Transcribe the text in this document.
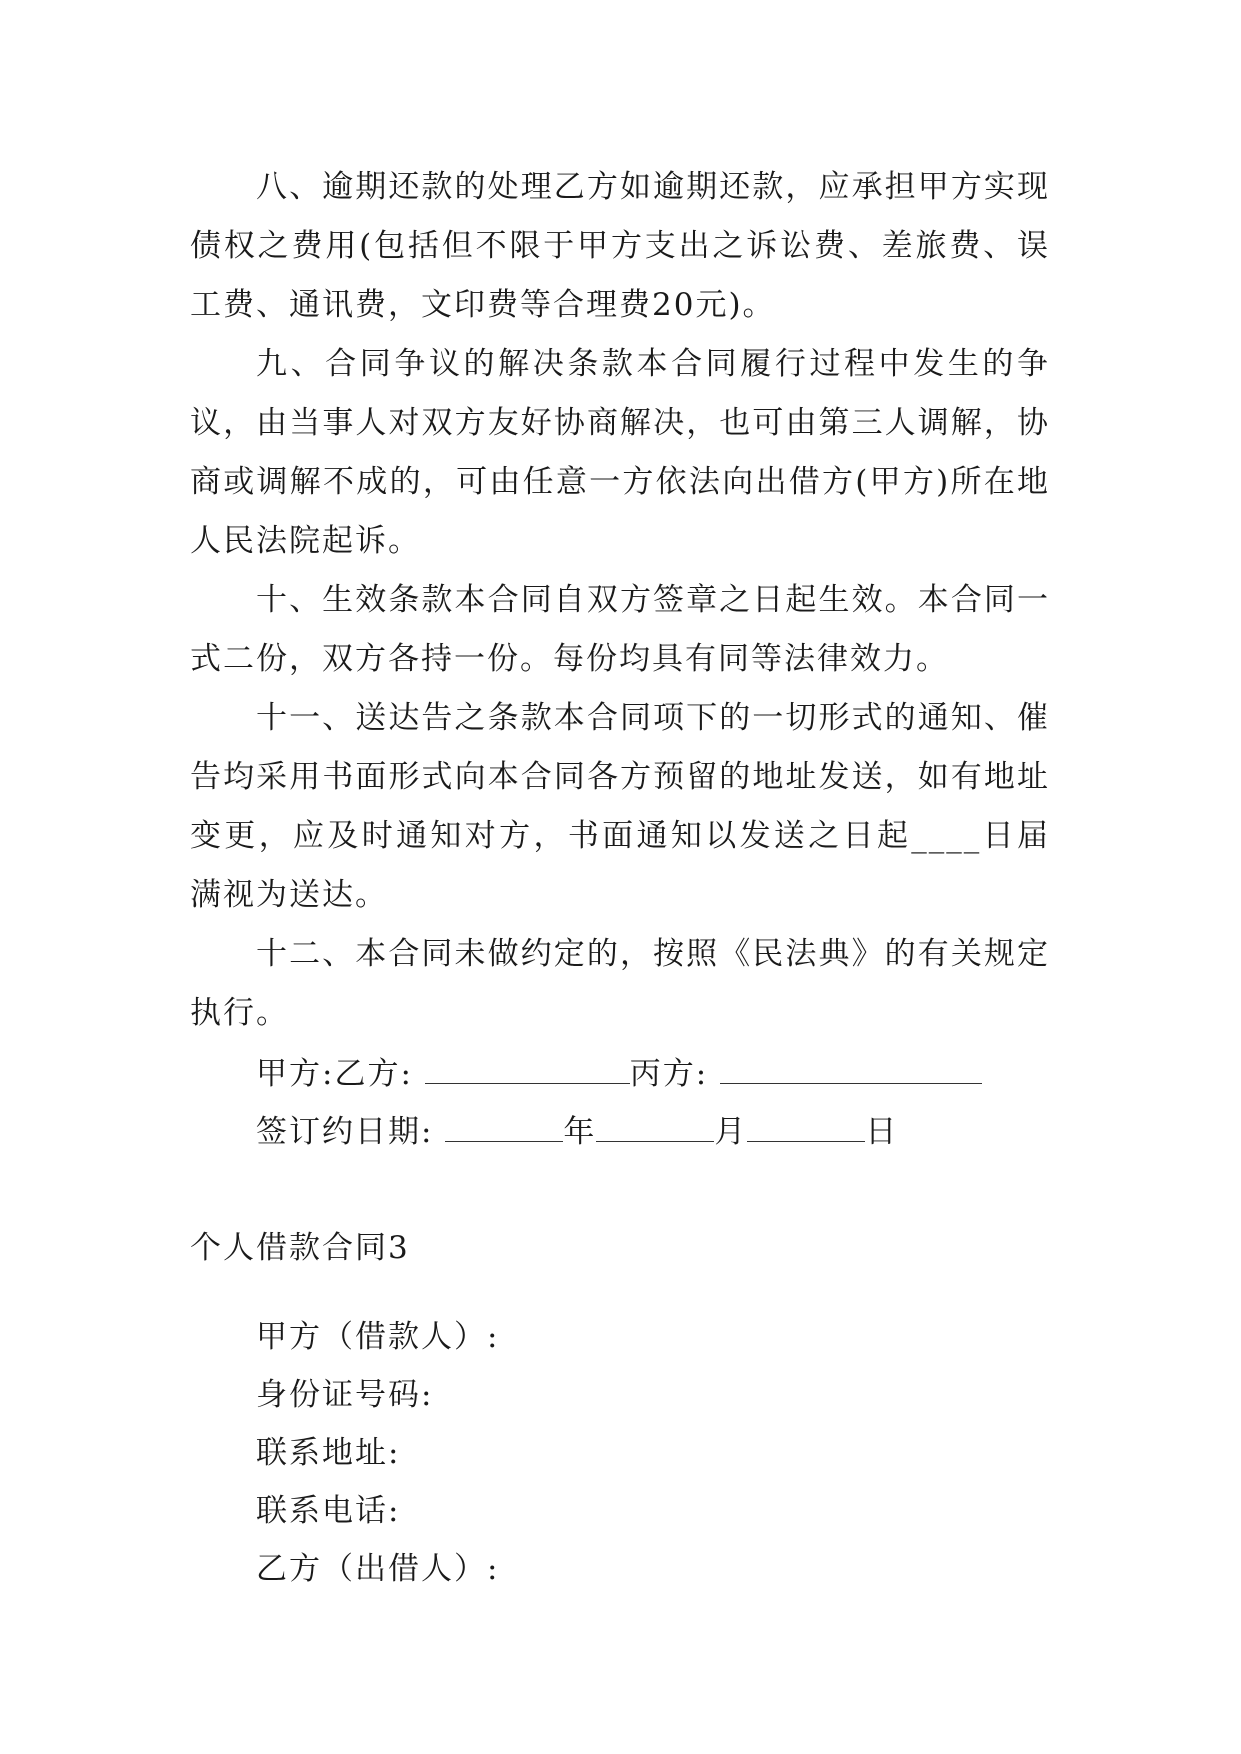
八、逾期还款的处理乙方如逾期还款，应承担甲方实现债权之费用(包括但不限于甲方支出之诉讼费、差旅费、误工费、通讯费，文印费等合理费20元)。

九、合同争议的解决条款本合同履行过程中发生的争议，由当事人对双方友好协商解决，也可由第三人调解，协商或调解不成的，可由任意一方依法向出借方(甲方)所在地人民法院起诉。

十、生效条款本合同自双方签章之日起生效。本合同一式二份，双方各持一份。每份均具有同等法律效力。

十一、送达告之条款本合同项下的一切形式的通知、催告均采用书面形式向本合同各方预留的地址发送，如有地址变更，应及时通知对方，书面通知以发送之日起____日届满视为送达。

十二、本合同未做约定的，按照《民法典》的有关规定执行。

甲方:乙方:	丙方:

签订约日期:	年	月	日

个人借款合同3

甲方（借款人）:

身份证号码:

联系地址:

联系电话:

乙方（出借人）:
